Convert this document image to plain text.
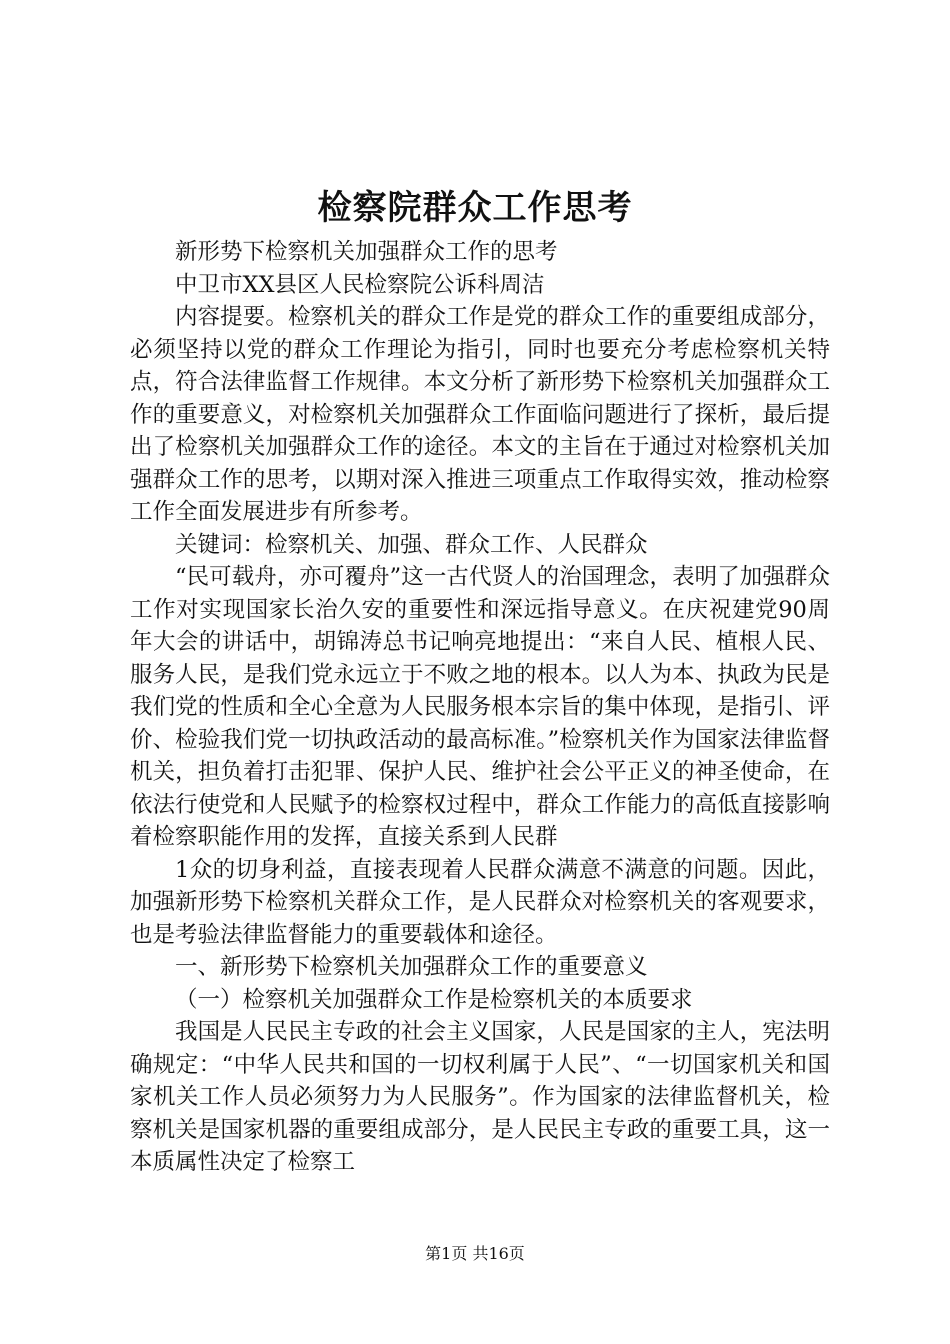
检察院群众工作思考

新形势下检察机关加强群众工作的思考

中卫市XX县区人民检察院公诉科周洁

内容提要。检察机关的群众工作是党的群众工作的重要组成部分，必须坚持以党的群众工作理论为指引，同时也要充分考虑检察机关特点，符合法律监督工作规律。本文分析了新形势下检察机关加强群众工作的重要意义，对检察机关加强群众工作面临问题进行了探析，最后提出了检察机关加强群众工作的途径。本文的主旨在于通过对检察机关加强群众工作的思考，以期对深入推进三项重点工作取得实效，推动检察工作全面发展进步有所参考。

关键词：检察机关、加强、群众工作、人民群众

“民可载舟，亦可覆舟”这一古代贤人的治国理念，表明了加强群众工作对实现国家长治久安的重要性和深远指导意义。在庆祝建党90周年大会的讲话中，胡锦涛总书记响亮地提出：“来自人民、植根人民、服务人民，是我们党永远立于不败之地的根本。以人为本、执政为民是我们党的性质和全心全意为人民服务根本宗旨的集中体现，是指引、评价、检验我们党一切执政活动的最高标准。”检察机关作为国家法律监督机关，担负着打击犯罪、保护人民、维护社会公平正义的神圣使命，在依法行使党和人民赋予的检察权过程中，群众工作能力的高低直接影响着检察职能作用的发挥，直接关系到人民群

1众的切身利益，直接表现着人民群众满意不满意的问题。因此，加强新形势下检察机关群众工作，是人民群众对检察机关的客观要求，也是考验法律监督能力的重要载体和途径。

一、新形势下检察机关加强群众工作的重要意义

（一）检察机关加强群众工作是检察机关的本质要求

我国是人民民主专政的社会主义国家，人民是国家的主人，宪法明确规定：“中华人民共和国的一切权利属于人民”、“一切国家机关和国家机关工作人员必须努力为人民服务”。作为国家的法律监督机关，检察机关是国家机器的重要组成部分，是人民民主专政的重要工具，这一本质属性决定了检察工

第1页 共16页
